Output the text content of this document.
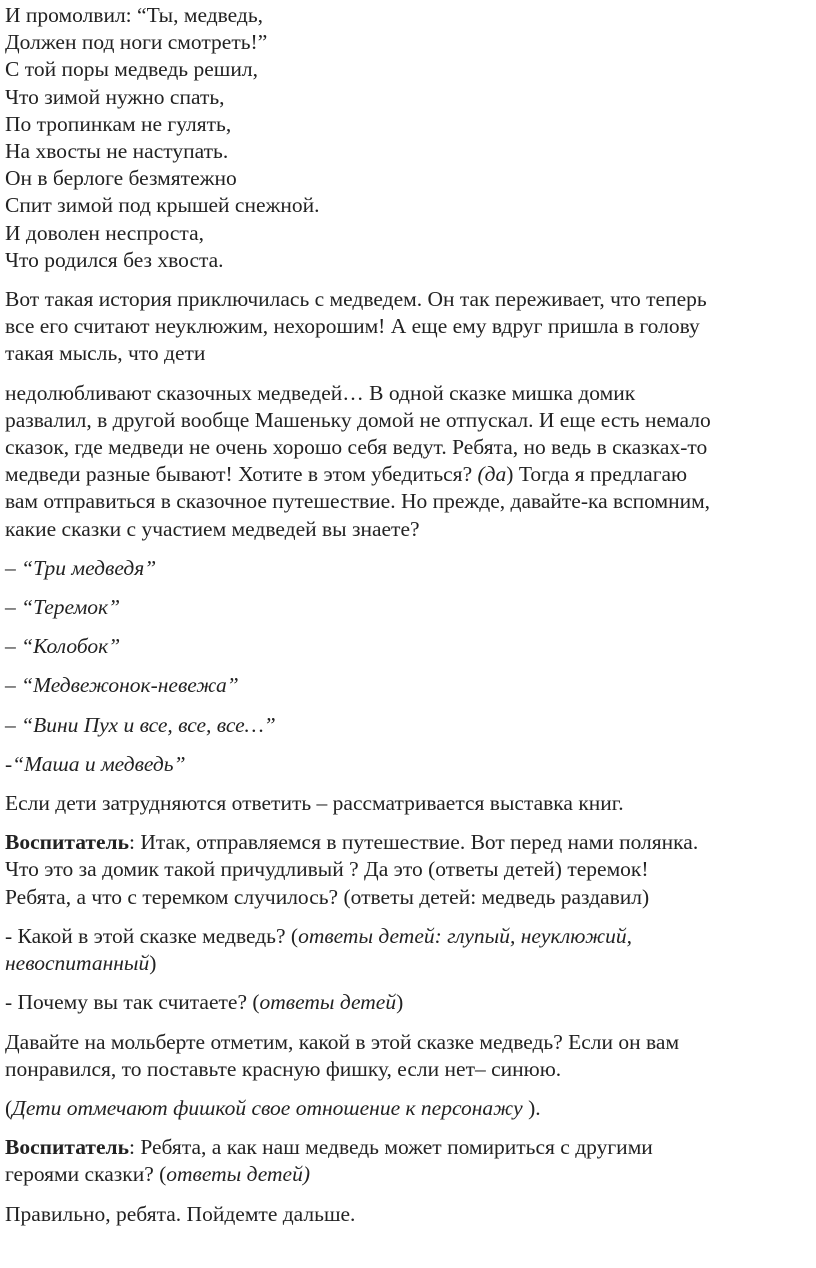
И промолвил: “Ты, медведь,
Должен под ноги смотреть!”
С той поры медведь решил,
Что зимой нужно спать,
По тропинкам не гулять,
На хвосты не наступать.
Он в берлоге безмятежно
Спит зимой под крышей снежной.
И доволен неспроста,
Что родился без хвоста.
Вот такая история приключилась с медведем. Он так переживает, что теперь
все его считают неуклюжим, нехорошим! А еще ему вдруг пришла в голову
такая мысль, что дети
недолюбливают сказочных медведей… В одной сказке мишка домик
развалил, в другой вообще Машеньку домой не отпускал. И еще есть немало
сказок, где медведи не очень хорошо себя ведут. Ребята, но ведь в сказках-то
медведи разные бывают! Хотите в этом убедиться? (да) Тогда я предлагаю
вам отправиться в сказочное путешествие. Но прежде, давайте-ка вспомним,
какие сказки с участием медведей вы знаете?
– “Три медведя”
– “Теремок”
– “Колобок”
– “Медвежонок-невежа”
– “Вини Пух и все, все, все…”
-“Маша и медведь”
Если дети затрудняются ответить – рассматривается выставка книг.
Воспитатель: Итак, отправляемся в путешествие. Вот перед нами полянка.
Что это за домик такой причудливый ? Да это (ответы детей) теремок!
Ребята, а что с теремком случилось? (ответы детей: медведь раздавил)
- Какой в этой сказке медведь? (ответы детей: глупый, неуклюжий,
невоспитанный)
- Почему вы так считаете? (ответы детей)
Давайте на мольберте отметим, какой в этой сказке медведь? Если он вам
понравился, то поставьте красную фишку, если нет– синюю.
(Дети отмечают фишкой свое отношение к персонажу ).
Воспитатель: Ребята, а как наш медведь может помириться с другими
героями сказки? (ответы детей)
Правильно, ребята. Пойдемте дальше.
